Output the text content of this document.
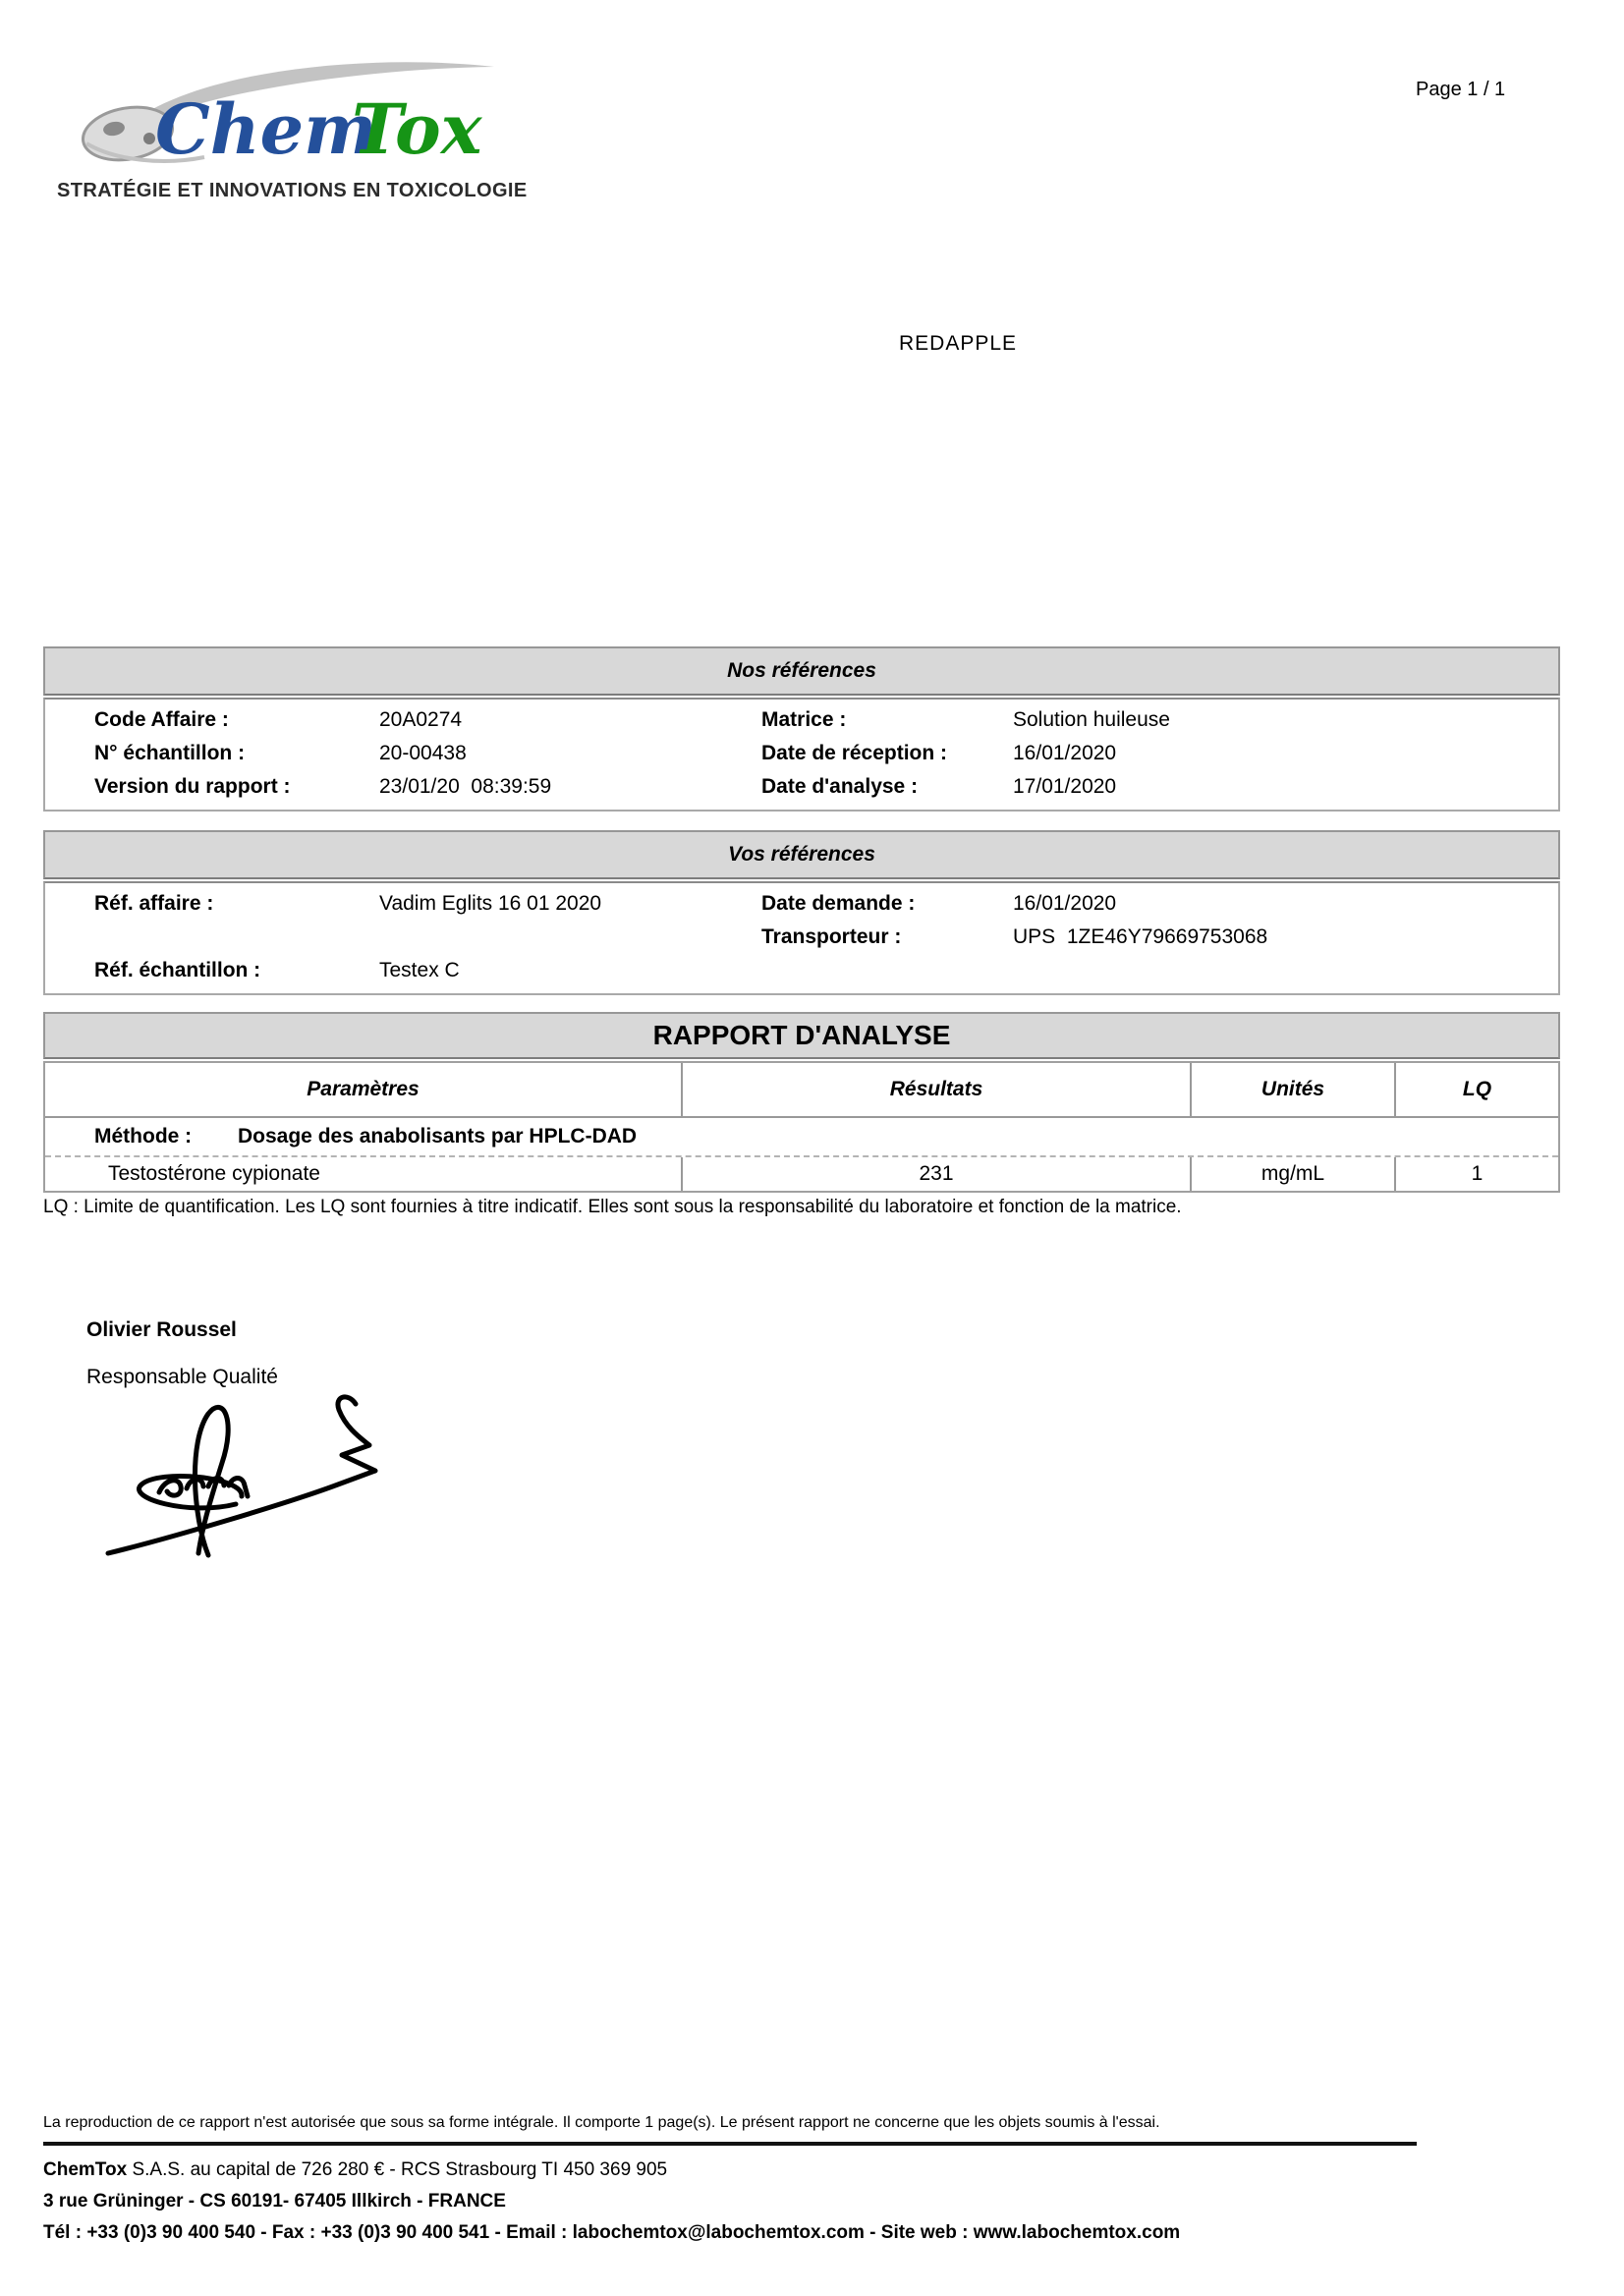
Chem
Tox
STRATÉGIE ET INNOVATIONS EN TOXICOLOGIE
Page 1 / 1
REDAPPLE
Nos références
Code Affaire :	20A0274	Matrice :	Solution huileuse
N° échantillon :	20-00438	Date de réception :	16/01/2020
Version du rapport :	23/01/20  08:39:59	Date d'analyse :	17/01/2020
Vos références
Réf. affaire :	Vadim Eglits 16 01 2020	Date demande :	16/01/2020
Transporteur :	UPS  1ZE46Y79669753068
Réf. échantillon :	Testex C
RAPPORT D'ANALYSE
Paramètres	Résultats	Unités	LQ
Méthode :	Dosage des anabolisants par HPLC-DAD
Testostérone cypionate	231	mg/mL	1
LQ : Limite de quantification. Les LQ sont fournies à titre indicatif. Elles sont sous la responsabilité du laboratoire et fonction de la matrice.
Olivier Roussel
Responsable Qualité
La reproduction de ce rapport n'est autorisée que sous sa forme intégrale. Il comporte 1 page(s). Le présent rapport ne concerne que les objets soumis à l'essai.
ChemTox S.A.S. au capital de 726 280 € - RCS Strasbourg TI 450 369 905
3 rue Grüninger - CS 60191- 67405 Illkirch - FRANCE
Tél : +33 (0)3 90 400 540 - Fax : +33 (0)3 90 400 541 - Email : labochemtox@labochemtox.com - Site web : www.labochemtox.com
